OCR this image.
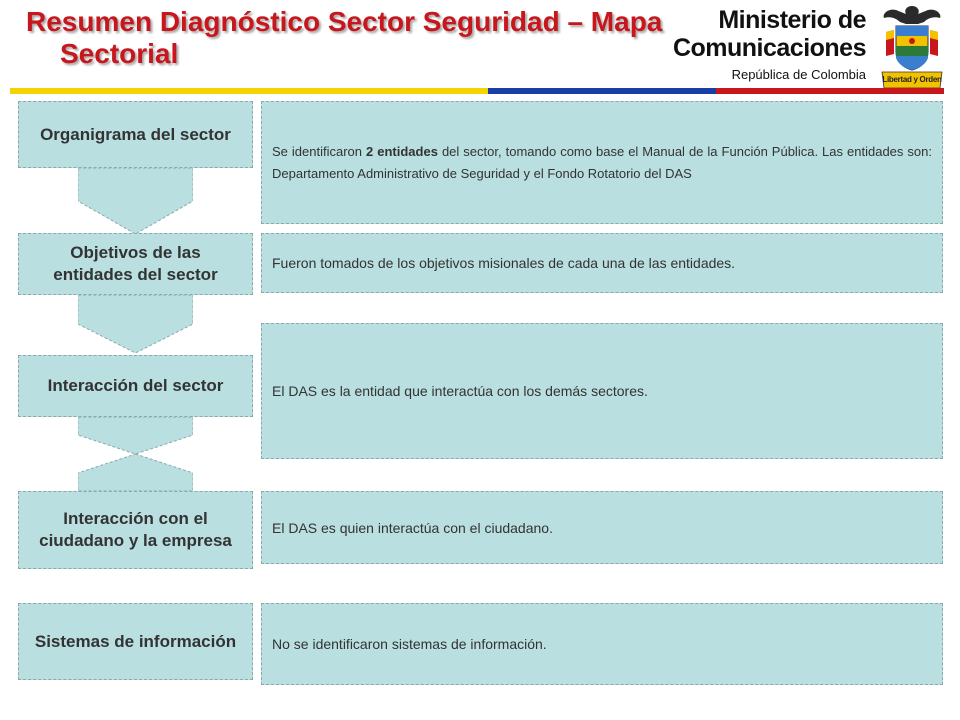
Resumen Diagnóstico Sector Seguridad – Mapa
Sectorial
Ministerio de
Comunicaciones
República de Colombia Libertad y Orden
Organigrama del sector
Se identificaron 2 entidades del sector, tomando como base el Manual de la Función Pública. Las entidades son: Departamento Administrativo de Seguridad y el Fondo Rotatorio del DAS
Objetivos de las entidades del sector
Fueron tomados de los objetivos misionales de cada una de las entidades.
Interacción del sector	El DAS es la entidad que interactúa con los demás sectores.
Interacción con el ciudadano y la empresa
El DAS es quien interactúa con el ciudadano.
Sistemas de información	No se identificaron sistemas de información.
